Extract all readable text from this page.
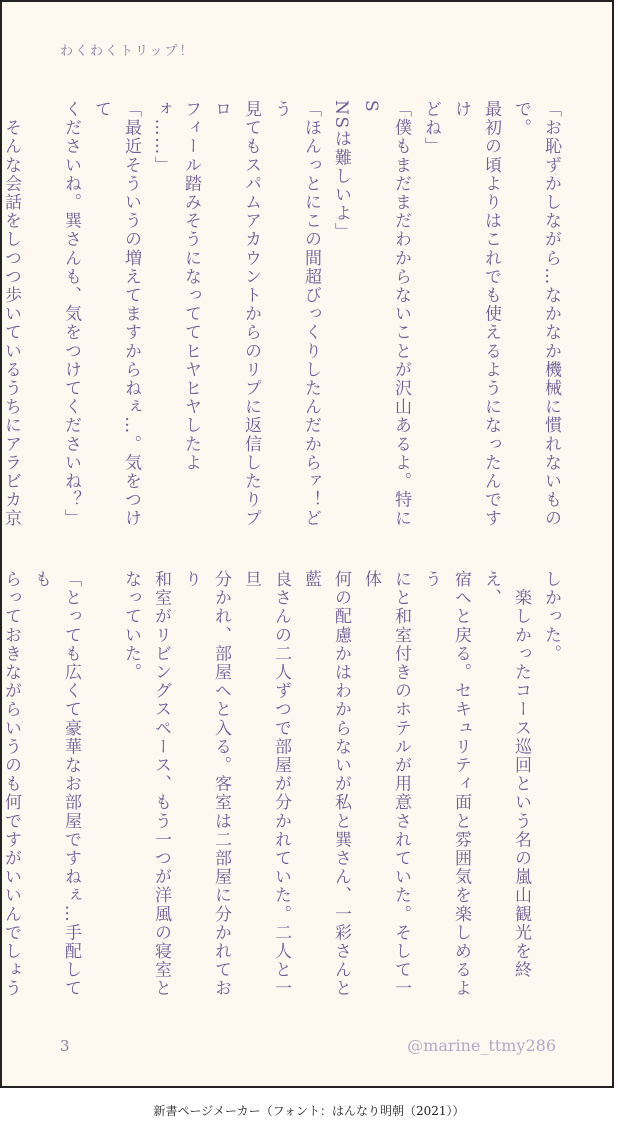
わくわくトリップ！

「お恥ずかしながら…なかなか機械に慣れないもので。

最初の頃よりはこれでも使えるようになったんですけ

どね」

「僕もまだまだわからないことが沢山あるよ。特にS

NSは難しいよ」

「ほんっとにこの間超びっくりしたんだからァ！どう

見てもスパムアカウントからのリプに返信したりプロ

フィール踏みそうになっててヒヤヒヤしたよォ……」

「最近そういうの増えてますからねぇ…。気をつけて

くださいね。巽さんも、気をつけてくださいね？」

　そんな会話をしつつ歩いているうちにアラビカ京

しかった。

　楽しかったコース巡回という名の嵐山観光を終え、

宿へと戻る。セキュリティ面と雰囲気を楽しめるよう

にと和室付きのホテルが用意されていた。そして一体

何の配慮かはわからないが私と巽さん、一彩さんと藍

良さんの二人ずつで部屋が分かれていた。二人と一旦

分かれ、部屋へと入る。客室は二部屋に分かれており

和室がリビングスペース、もう一つが洋風の寝室と

なっていた。

「とっても広くて豪華なお部屋ですねぇ…手配しても

らっておきながらいうのも何ですがいいんでしょう

3	@marine_ttmy286
新書ページメーカー（フォント：はんなり明朝（2021））
